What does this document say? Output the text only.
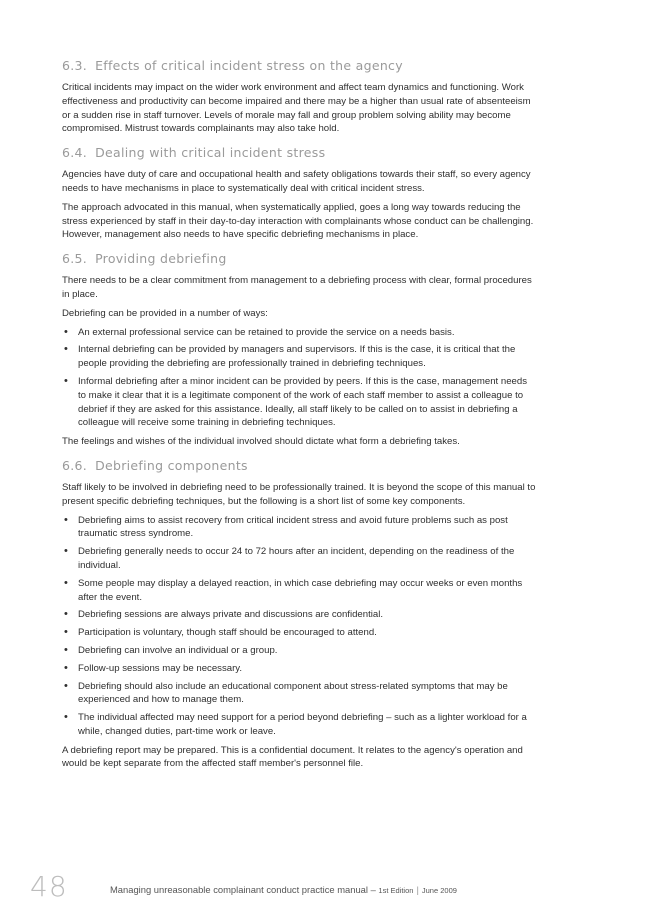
6.3. Effects of critical incident stress on the agency

Critical incidents may impact on the wider work environment and affect team dynamics and functioning. Work effectiveness and productivity can become impaired and there may be a higher than usual rate of absenteeism or a sudden rise in staff turnover. Levels of morale may fall and group problem solving ability may become compromised. Mistrust towards complainants may also take hold.

6.4. Dealing with critical incident stress

Agencies have duty of care and occupational health and safety obligations towards their staff, so every agency needs to have mechanisms in place to systematically deal with critical incident stress.

The approach advocated in this manual, when systematically applied, goes a long way towards reducing the stress experienced by staff in their day-to-day interaction with complainants whose conduct can be challenging. However, management also needs to have specific debriefing mechanisms in place.

6.5. Providing debriefing

There needs to be a clear commitment from management to a debriefing process with clear, formal procedures in place.

Debriefing can be provided in a number of ways:

• An external professional service can be retained to provide the service on a needs basis.
• Internal debriefing can be provided by managers and supervisors. If this is the case, it is critical that the people providing the debriefing are professionally trained in debriefing techniques.
• Informal debriefing after a minor incident can be provided by peers. If this is the case, management needs to make it clear that it is a legitimate component of the work of each staff member to assist a colleague to debrief if they are asked for this assistance. Ideally, all staff likely to be called on to assist in debriefing a colleague will receive some training in debriefing techniques.

The feelings and wishes of the individual involved should dictate what form a debriefing takes.

6.6. Debriefing components

Staff likely to be involved in debriefing need to be professionally trained. It is beyond the scope of this manual to present specific debriefing techniques, but the following is a short list of some key components.

• Debriefing aims to assist recovery from critical incident stress and avoid future problems such as post traumatic stress syndrome.
• Debriefing generally needs to occur 24 to 72 hours after an incident, depending on the readiness of the individual.
• Some people may display a delayed reaction, in which case debriefing may occur weeks or even months after the event.
• Debriefing sessions are always private and discussions are confidential.
• Participation is voluntary, though staff should be encouraged to attend.
• Debriefing can involve an individual or a group.
• Follow-up sessions may be necessary.
• Debriefing should also include an educational component about stress-related symptoms that may be experienced and how to manage them.
• The individual affected may need support for a period beyond debriefing – such as a lighter workload for a while, changed duties, part-time work or leave.

A debriefing report may be prepared. This is a confidential document. It relates to the agency's operation and would be kept separate from the affected staff member's personnel file.

48	Managing unreasonable complainant conduct practice manual – 1st Edition | June 2009
